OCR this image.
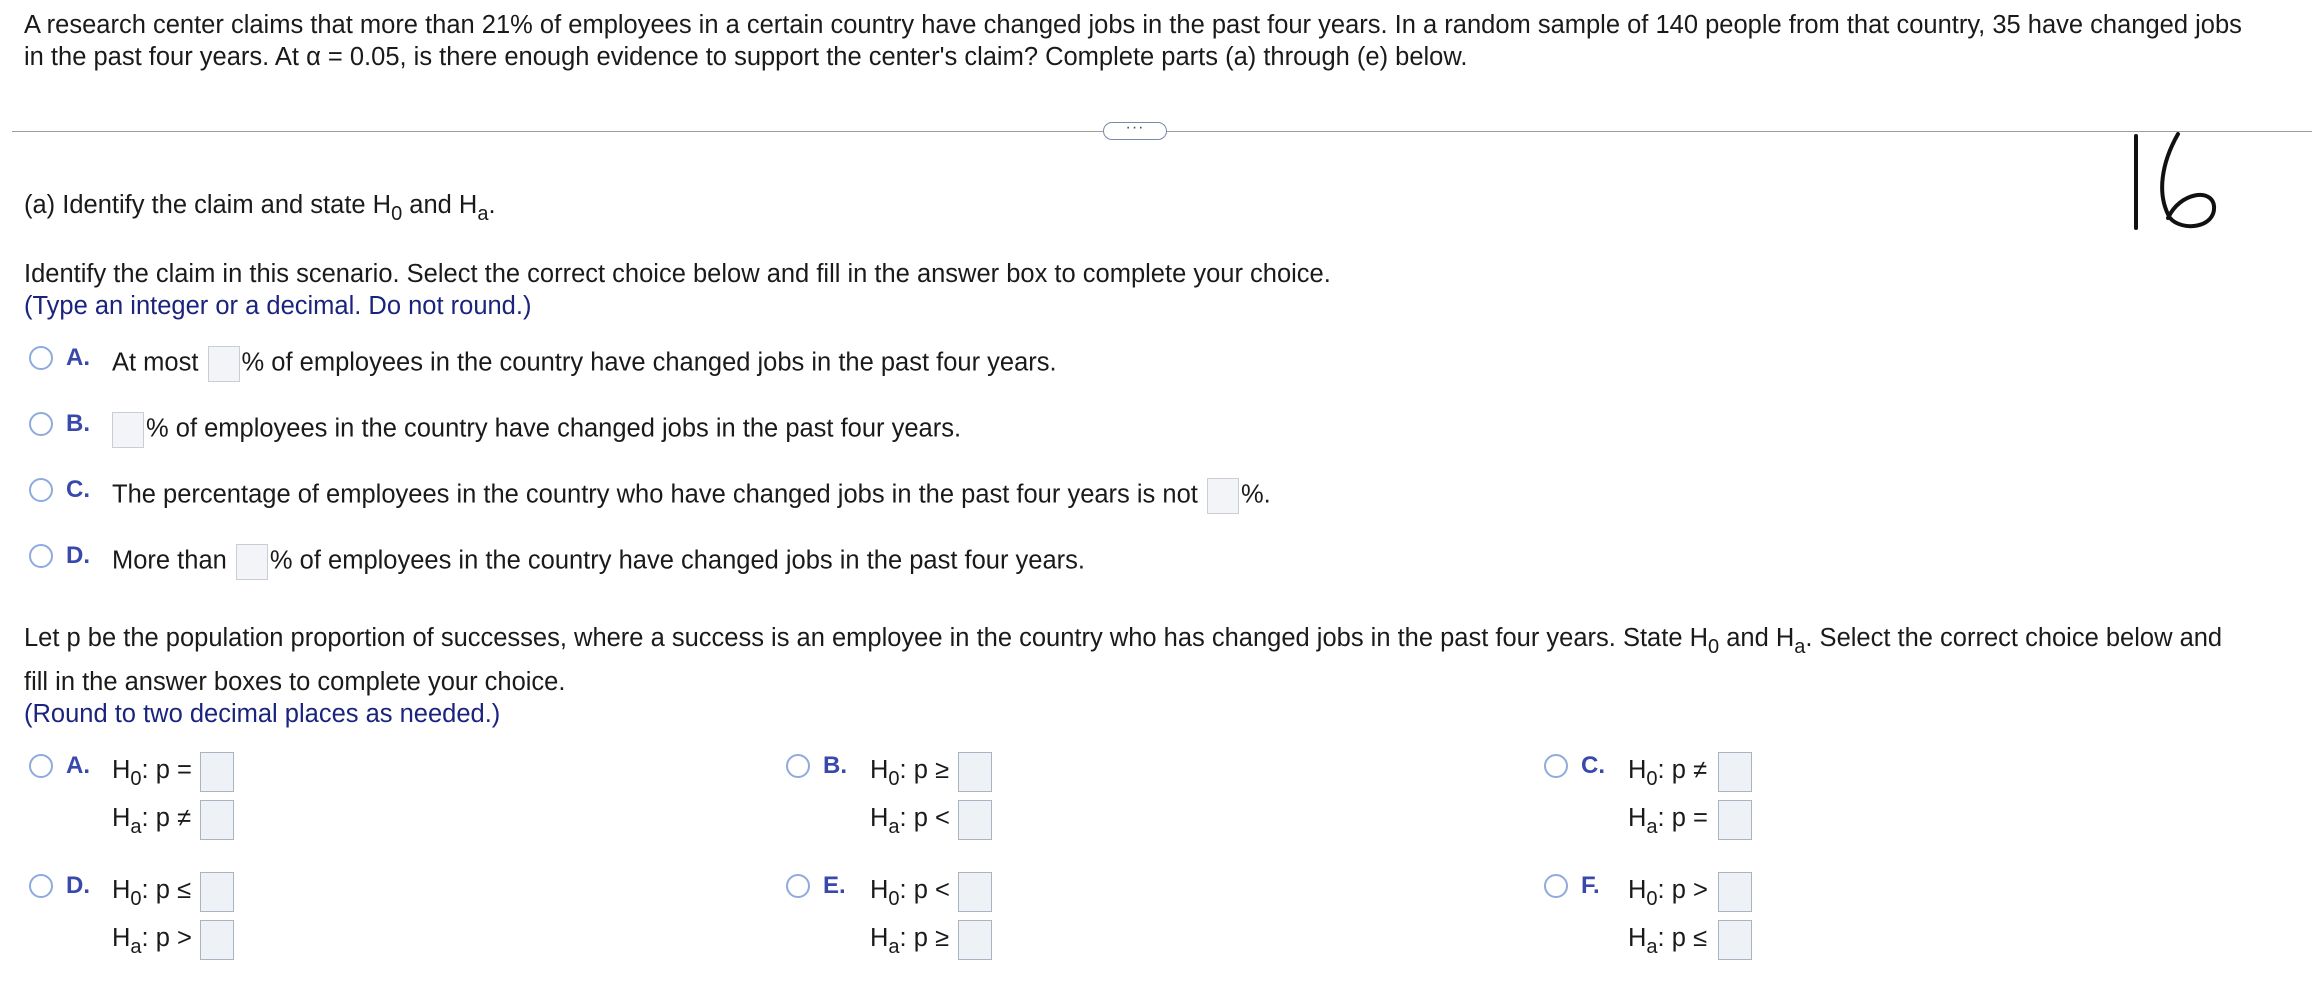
A research center claims that more than 21% of employees in a certain country have changed jobs in the past four years. In a random sample of 140 people from that country, 35 have changed jobs
in the past four years. At α = 0.05, is there enough evidence to support the center's claim? Complete parts (a) through (e) below.
···
(a) Identify the claim and state $H_0$ and $H_a$.
Identify the claim in this scenario. Select the correct choice below and fill in the answer box to complete your choice.
(Type an integer or a decimal. Do not round.)
A. At most % of employees in the country have changed jobs in the past four years.
B.	% of employees in the country have changed jobs in the past four years.
C. The percentage of employees in the country who have changed jobs in the past four years is not %.
D. More than % of employees in the country have changed jobs in the past four years.
Let p be the population proportion of successes, where a success is an employee in the country who has changed jobs in the past four years. State $H_0$ and $H_a$. Select the correct choice below and
fill in the answer boxes to complete your choice.
(Round to two decimal places as needed.)
A. $H_0$: p =
$H_a$: p ≠
B. $H_0$: p ≥
$H_a$: p <
C. $H_0$: p ≠
$H_a$: p =
D. $H_0$: p ≤
$H_a$: p >
E. $H_0$: p <
$H_a$: p ≥
F. $H_0$: p >
$H_a$: p ≤
